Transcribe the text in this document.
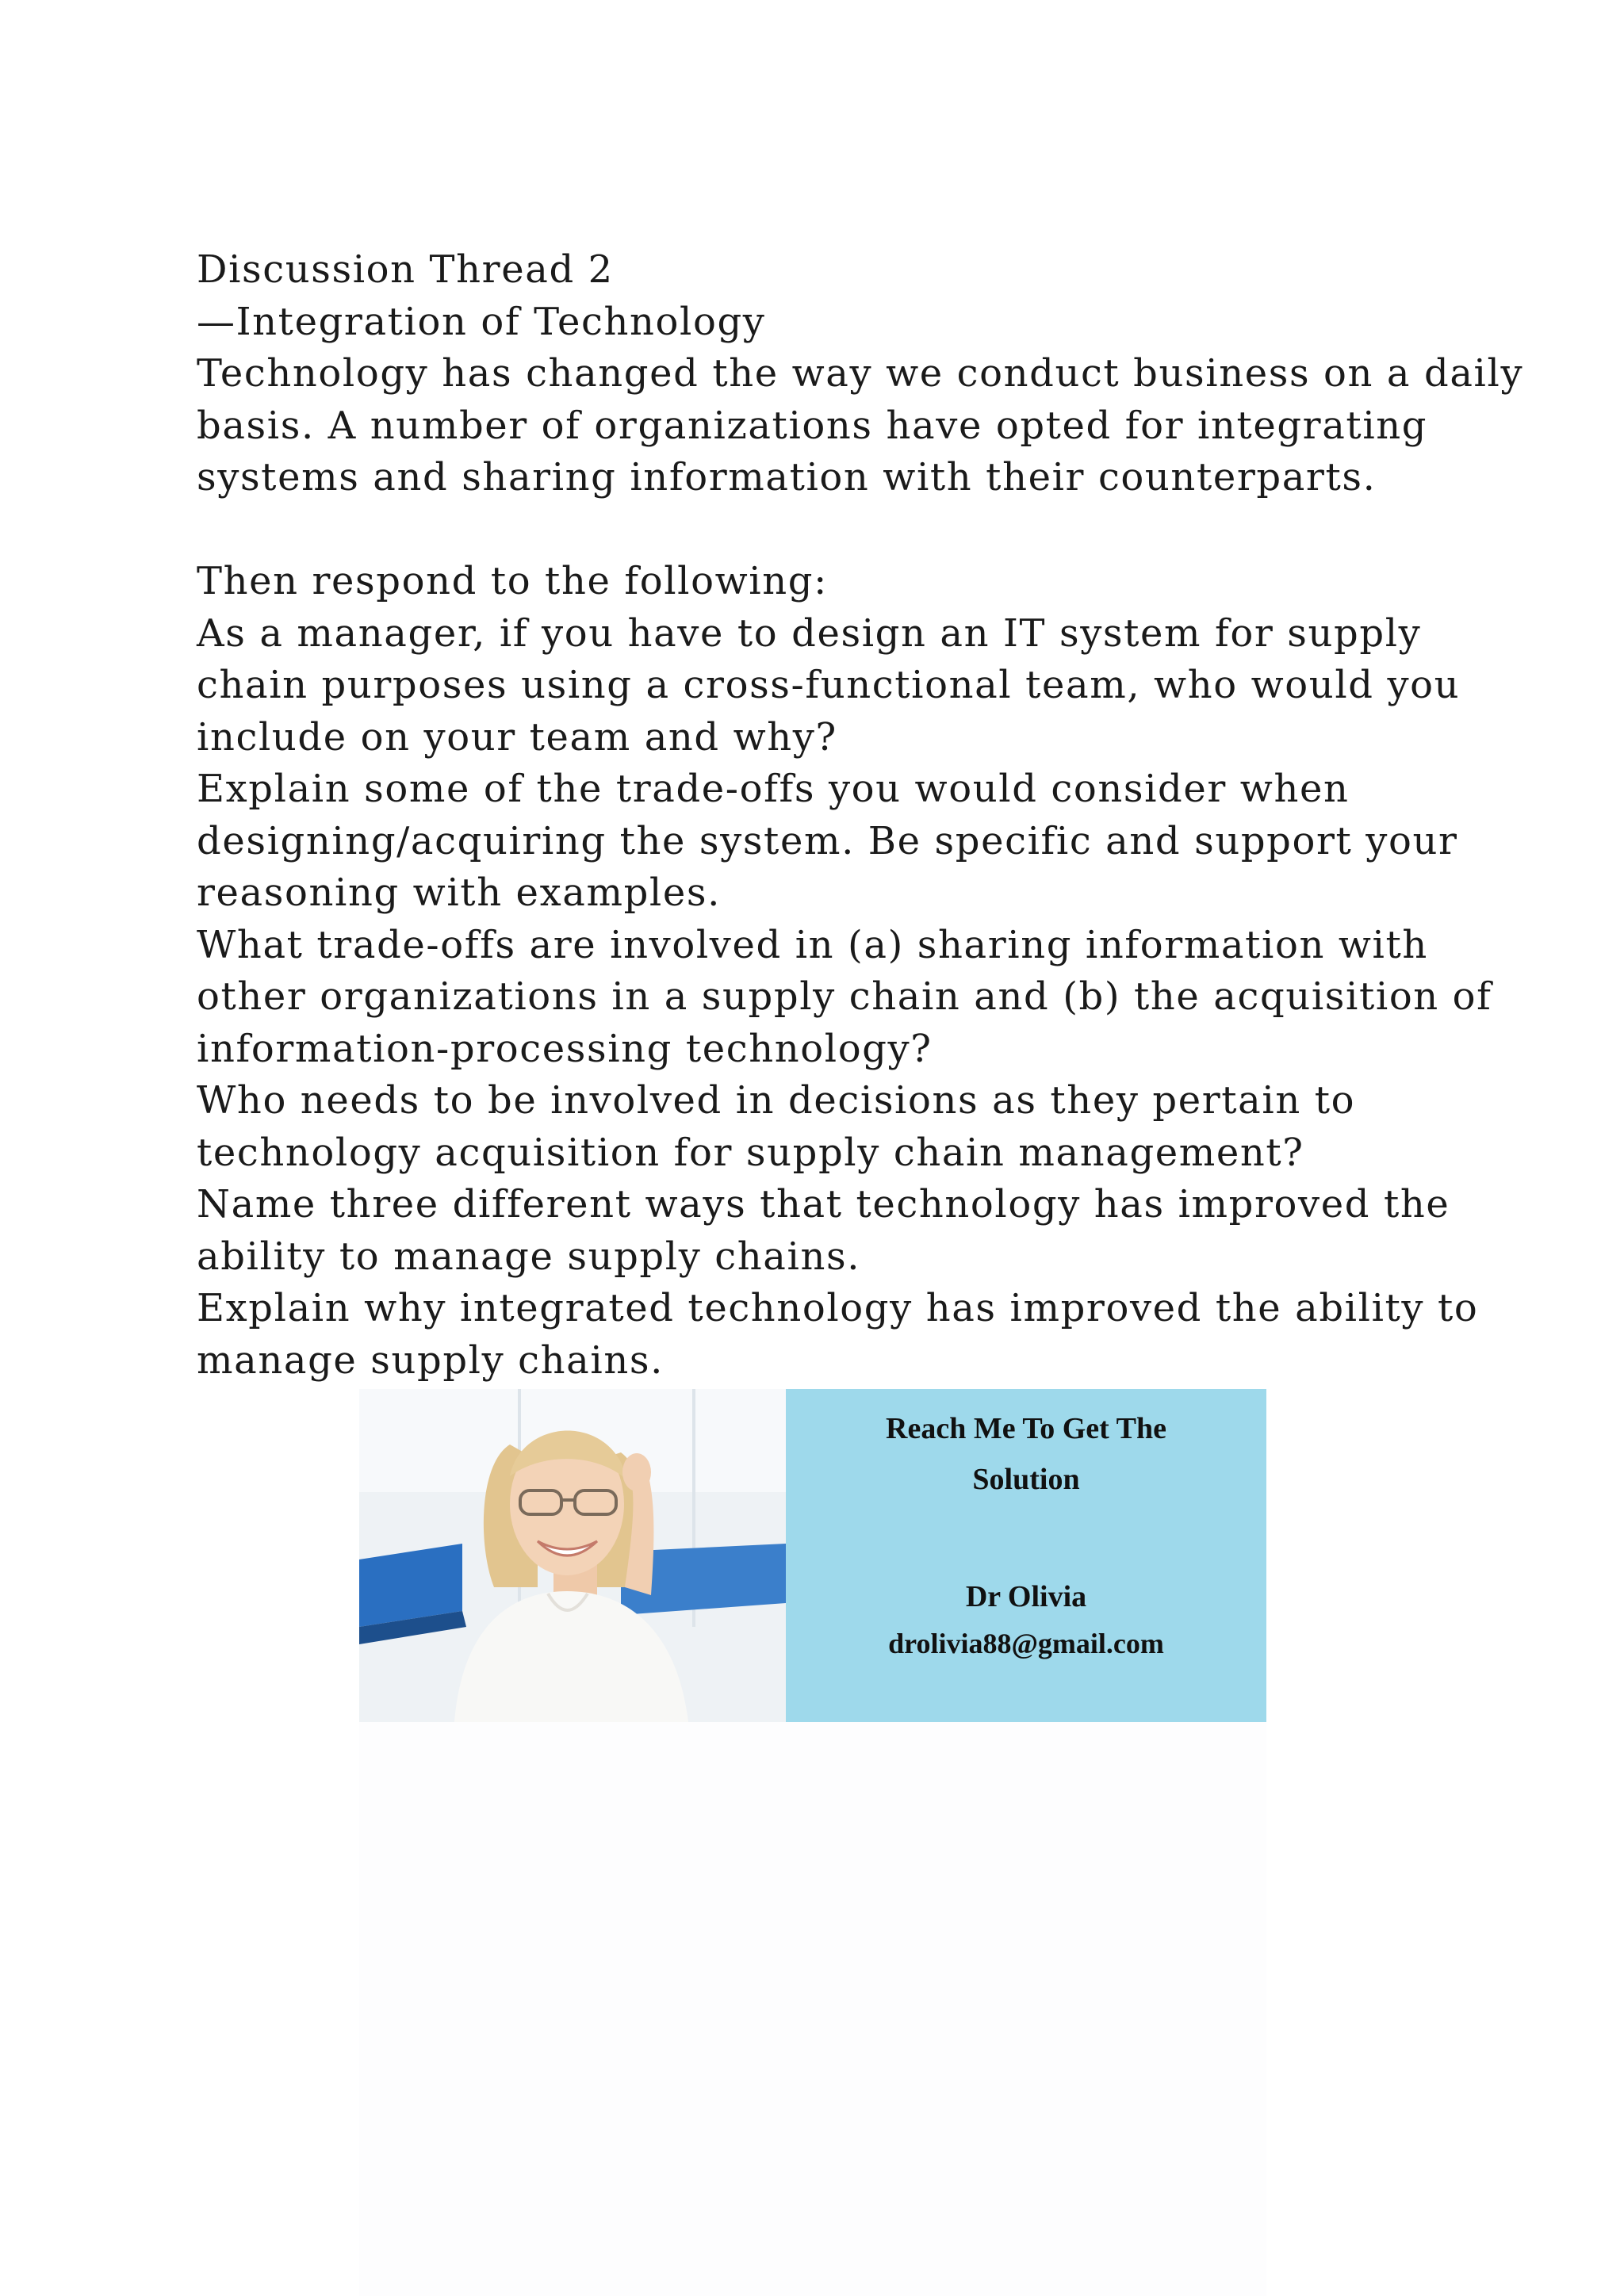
Discussion Thread 2
—Integration of Technology
Technology has changed the way we conduct business on a daily
basis. A number of organizations have opted for integrating
systems and sharing information with their counterparts.
Then respond to the following:
As a manager, if you have to design an IT system for supply
chain purposes using a cross-functional team, who would you
include on your team and why?
Explain some of the trade-offs you would consider when
designing/acquiring the system. Be specific and support your
reasoning with examples.
What trade-offs are involved in (a) sharing information with
other organizations in a supply chain and (b) the acquisition of
information-processing technology?
Who needs to be involved in decisions as they pertain to
technology acquisition for supply chain management?
Name three different ways that technology has improved the
ability to manage supply chains.
Explain why integrated technology has improved the ability to
manage supply chains.
Reach Me To Get The
Solution
Dr Olivia
drolivia88@gmail.com
